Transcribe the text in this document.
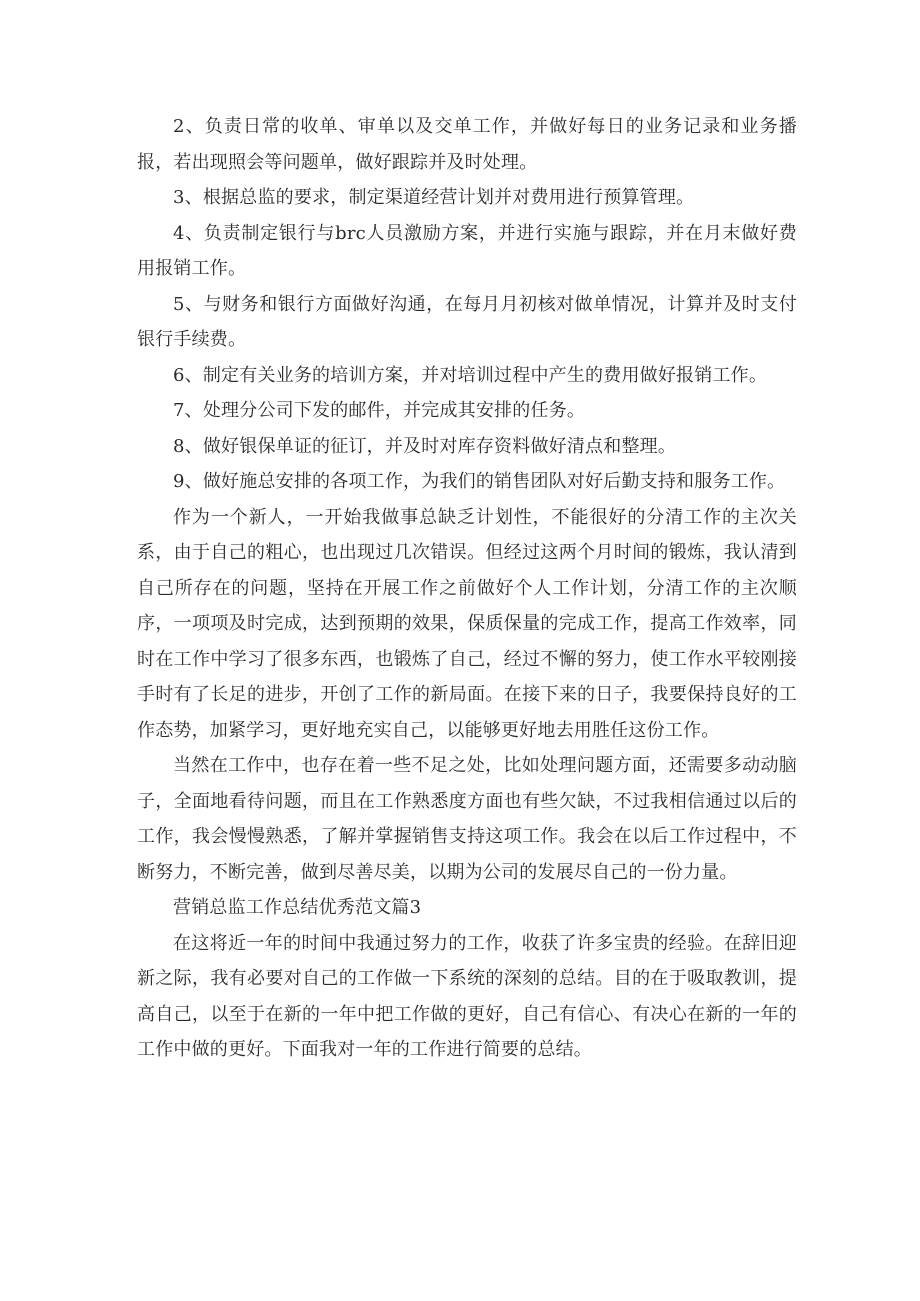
2、负责日常的收单、审单以及交单工作，并做好每日的业务记录和业务播报，若出现照会等问题单，做好跟踪并及时处理。

3、根据总监的要求，制定渠道经营计划并对费用进行预算管理。

4、负责制定银行与brc人员激励方案，并进行实施与跟踪，并在月末做好费用报销工作。

5、与财务和银行方面做好沟通，在每月月初核对做单情况，计算并及时支付银行手续费。

6、制定有关业务的培训方案，并对培训过程中产生的费用做好报销工作。

7、处理分公司下发的邮件，并完成其安排的任务。

8、做好银保单证的征订，并及时对库存资料做好清点和整理。

9、做好施总安排的各项工作，为我们的销售团队对好后勤支持和服务工作。

作为一个新人，一开始我做事总缺乏计划性，不能很好的分清工作的主次关系，由于自己的粗心，也出现过几次错误。但经过这两个月时间的锻炼，我认清到自己所存在的问题，坚持在开展工作之前做好个人工作计划，分清工作的主次顺序，一项项及时完成，达到预期的效果，保质保量的完成工作，提高工作效率，同时在工作中学习了很多东西，也锻炼了自己，经过不懈的努力，使工作水平较刚接手时有了长足的进步，开创了工作的新局面。在接下来的日子，我要保持良好的工作态势，加紧学习，更好地充实自己，以能够更好地去用胜任这份工作。

当然在工作中，也存在着一些不足之处，比如处理问题方面，还需要多动动脑子，全面地看待问题，而且在工作熟悉度方面也有些欠缺，不过我相信通过以后的工作，我会慢慢熟悉，了解并掌握销售支持这项工作。我会在以后工作过程中，不断努力，不断完善，做到尽善尽美，以期为公司的发展尽自己的一份力量。

营销总监工作总结优秀范文篇3

在这将近一年的时间中我通过努力的工作，收获了许多宝贵的经验。在辞旧迎新之际，我有必要对自己的工作做一下系统的深刻的总结。目的在于吸取教训，提高自己，以至于在新的一年中把工作做的更好，自己有信心、有决心在新的一年的工作中做的更好。下面我对一年的工作进行简要的总结。
